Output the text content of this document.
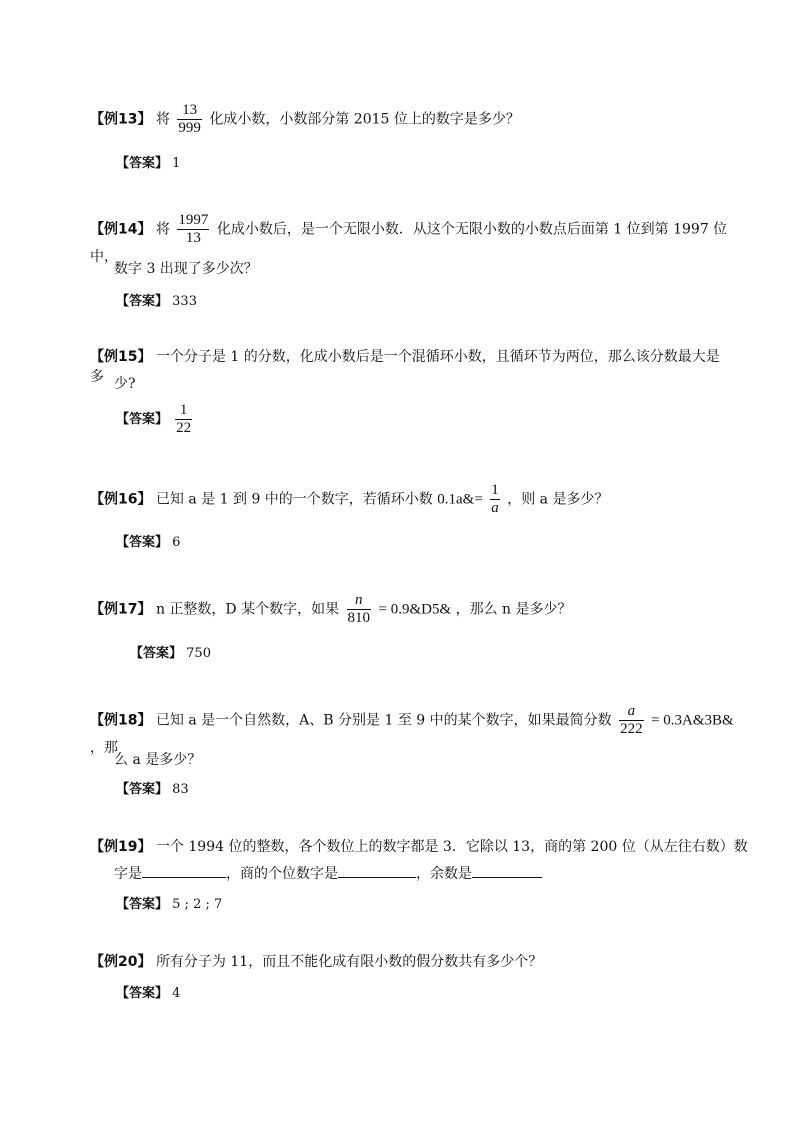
【例13】 将 $\frac{13}{999}$ 化成小数，小数部分第 2015 位上的数字是多少？
【答案】 1
【例14】 将 $\frac{1997}{13}$ 化成小数后，是一个无限小数．从这个无限小数的小数点后面第 1 位到第 1997 位中，
数字 3 出现了多少次？
【答案】 333
【例15】 一个分子是 1 的分数，化成小数后是一个混循环小数，且循环节为两位，那么该分数最大是多 少?
【答案】 $\frac{1}{22}$
【例16】 已知 a 是 1 到 9 中的一个数字，若循环小数 0.1a&= $\frac{1}{a}$ ，则 a 是多少？
【答案】 6
【例17】 n 正整数，D 某个数字，如果 $\frac{n}{810}$ = 0.9&D5& ，那么 n 是多少？
【答案】 750
【例18】 已知 a 是一个自然数，A、B 分别是 1 至 9 中的某个数字，如果最简分数 $\frac{a}{222}$ = 0.3A&3B& ，那
么 a 是多少？
【答案】 83
【例19】 一个 1994 位的整数，各个数位上的数字都是 3．它除以 13，商的第 200 位（从左往右数）数
字是	，商的个位数字是	，余数是
【答案】 5 ; 2 ; 7
【例20】 所有分子为 11，而且不能化成有限小数的假分数共有多少个？
【答案】 4
